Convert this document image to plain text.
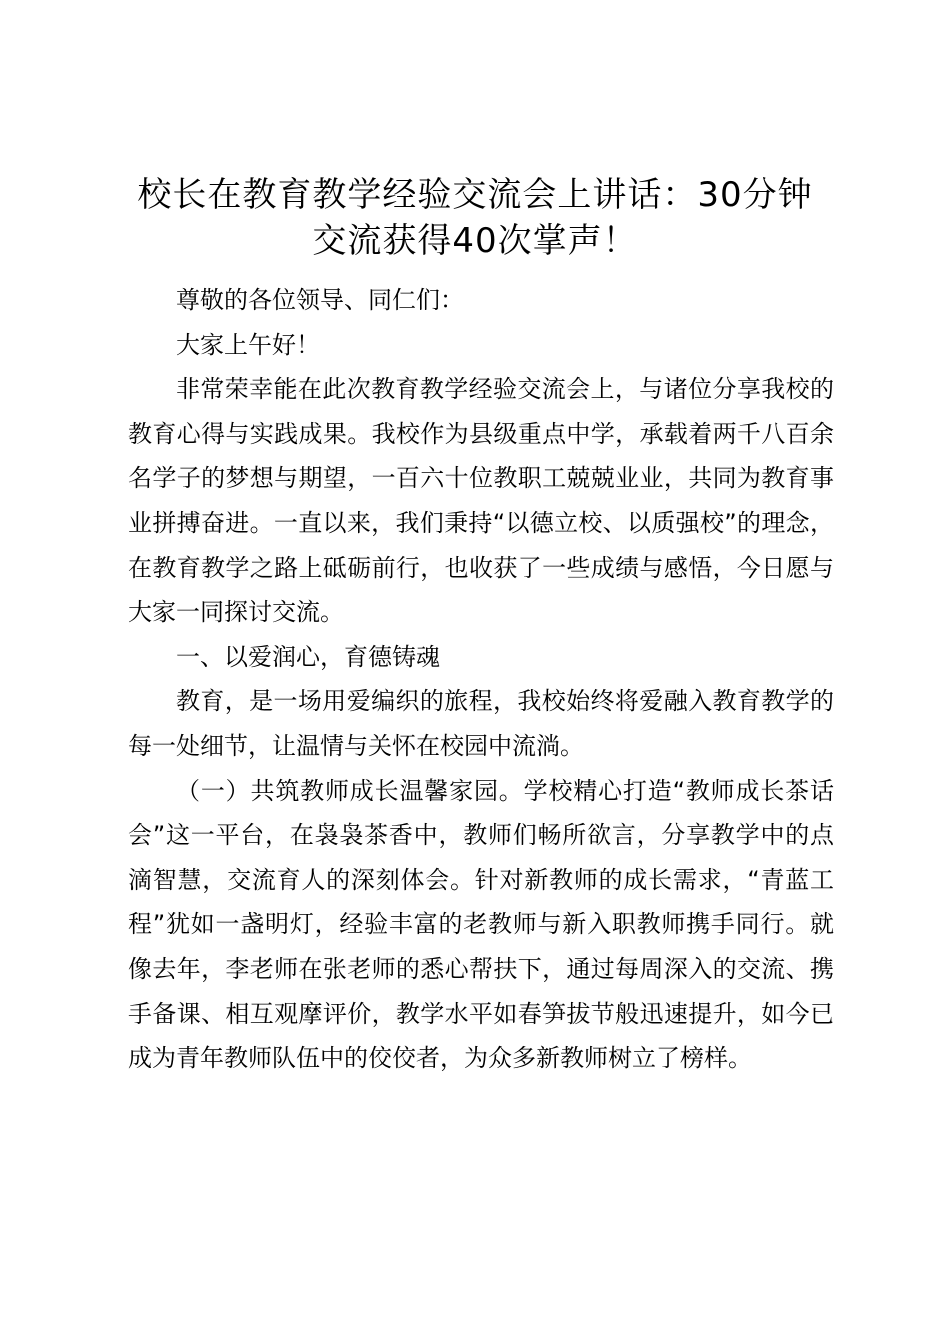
校长在教育教学经验交流会上讲话：30分钟
交流获得40次掌声！

尊敬的各位领导、同仁们：

大家上午好！

非常荣幸能在此次教育教学经验交流会上，与诸位分享我校的教育心得与实践成果。我校作为县级重点中学，承载着两千八百余名学子的梦想与期望，一百六十位教职工兢兢业业，共同为教育事业拼搏奋进。一直以来，我们秉持“以德立校、以质强校”的理念，在教育教学之路上砥砺前行，也收获了一些成绩与感悟，今日愿与大家一同探讨交流。

一、以爱润心，育德铸魂

教育，是一场用爱编织的旅程，我校始终将爱融入教育教学的每一处细节，让温情与关怀在校园中流淌。

（一）共筑教师成长温馨家园。学校精心打造“教师成长茶话会”这一平台，在袅袅茶香中，教师们畅所欲言，分享教学中的点滴智慧，交流育人的深刻体会。针对新教师的成长需求，“青蓝工程”犹如一盏明灯，经验丰富的老教师与新入职教师携手同行。就像去年，李老师在张老师的悉心帮扶下，通过每周深入的交流、携手备课、相互观摩评价，教学水平如春笋拔节般迅速提升，如今已成为青年教师队伍中的佼佼者，为众多新教师树立了榜样。
